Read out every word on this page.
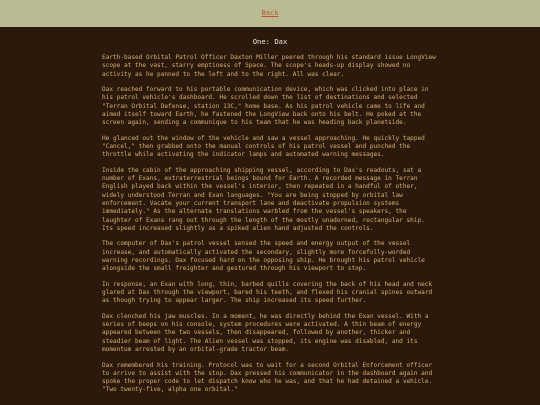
Back
One: Dax

Earth-based Orbital Patrol Officer Daxton Miller peered through his standard issue LongView scope at the vast, starry emptiness of Space. The scope's heads-up display showed no activity as he panned to the left and to the right. All was clear.

Dax reached forward to his portable communication device, which was clicked into place in his patrol vehicle's dashboard. He scrolled down the list of destinations and selected "Terran Orbital Defense, station 13C," home base. As his patrol vehicle came to life and aimed itself toward Earth, he fastened the LongView back onto his belt. He poked at the screen again, sending a communique to his team that he was heading back planetside.

He glanced out the window of the vehicle and saw a vessel approaching. He quickly tapped "Cancel," then grabbed onto the manual controls of his patrol vessel and punched the throttle while activating the indicator lamps and automated warning messages.

Inside the cabin of the approaching shipping vessel, according to Dax's readouts, sat a number of Exans, extraterrestrial beings bound for Earth. A recorded message in Terran English played back within the vessel's interior, then repeated in a handful of other, widely understood Terran and Exan languages. "You are being stopped by orbital law enforcement. Vacate your current transport lane and deactivate propulsion systems immediately." As the alternate translations warbled from the vessel's speakers, the laughter of Exans rang out through the length of the mostly unadorned, rectangular ship. Its speed increased slightly as a spiked alien hand adjusted the controls.

The computer of Dax's patrol vessel sensed the speed and energy output of the vessel increase, and automatically activated the secondary, slightly more forcefully-worded warning recordings. Dax focused hard on the opposing ship. He brought his patrol vehicle alongside the small freighter and gestured through his viewport to stop.

In response, an Exan with long, thin, barbed quills covering the back of his head and neck glared at Dax through the viewport, bared his teeth, and flexed his cranial spines outward as though trying to appear larger. The ship increased its speed further.

Dax clenched his jaw muscles. In a moment, he was directly behind the Exan vessel. With a series of beeps on his console, system procedures were activated. A thin beam of energy appeared between the two vessels, then disappeared, followed by another, thicker and steadier beam of light. The Alien vessel was stopped, its engine was disabled, and its momentum arrested by an orbital-grade tractor beam.

Dax remembered his training. Protocol was to wait for a second Orbital Enforcement officer to arrive to assist with the stop. Dax pressed his communicator in the dashboard again and spoke the proper code to let dispatch know who he was, and that he had detained a vehicle. "Two twenty-five, alpha one orbital."
